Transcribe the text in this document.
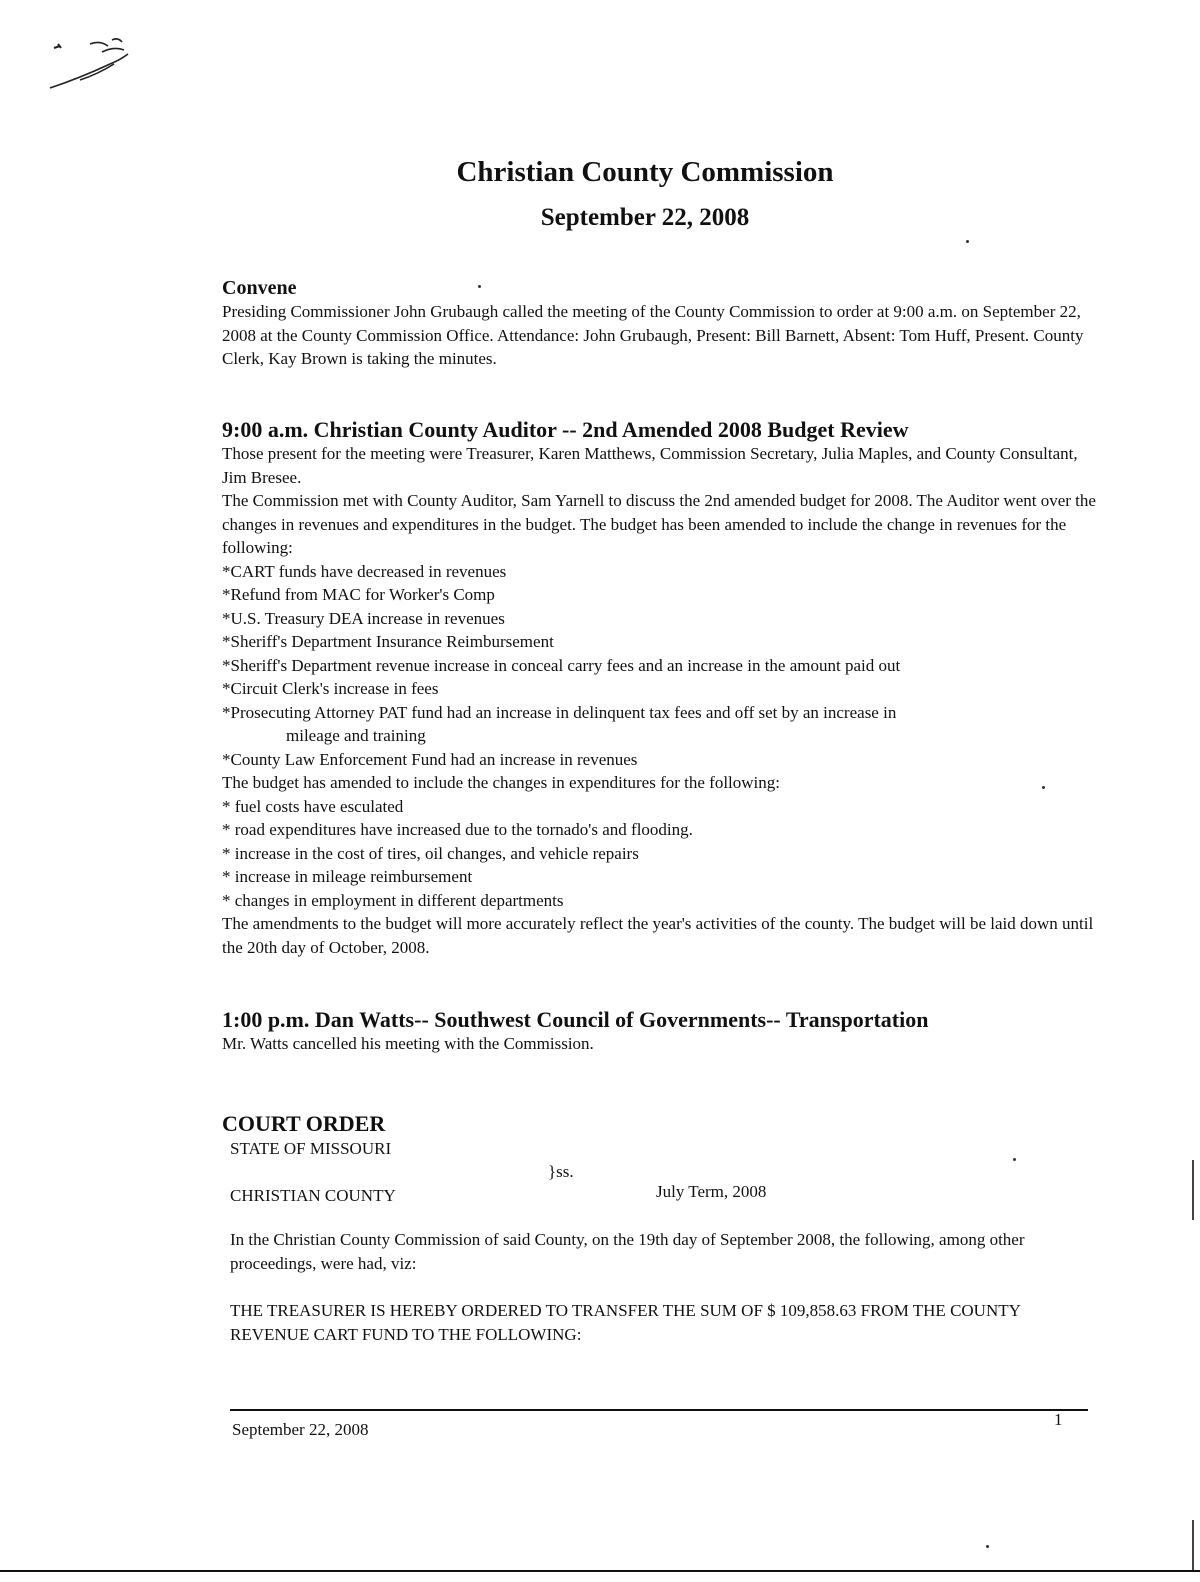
Christian County Commission
September 22, 2008

Convene

Presiding Commissioner John Grubaugh called the meeting of the County Commission to order at 9:00 a.m. on September 22, 2008 at the County Commission Office. Attendance: John Grubaugh, Present: Bill Barnett, Absent: Tom Huff, Present. County Clerk, Kay Brown is taking the minutes.

9:00 a.m. Christian County Auditor -- 2nd Amended 2008 Budget Review

Those present for the meeting were Treasurer, Karen Matthews, Commission Secretary, Julia Maples, and County Consultant, Jim Bresee.

The Commission met with County Auditor, Sam Yarnell to discuss the 2nd amended budget for 2008. The Auditor went over the changes in revenues and expenditures in the budget. The budget has been amended to include the change in revenues for the following:

*CART funds have decreased in revenues

*Refund from MAC for Worker's Comp

*U.S. Treasury DEA increase in revenues

*Sheriff's Department Insurance Reimbursement

*Sheriff's Department revenue increase in conceal carry fees and an increase in the amount paid out

*Circuit Clerk's increase in fees

*Prosecuting Attorney PAT fund had an increase in delinquent tax fees and off set by an increase in

mileage and training

*County Law Enforcement Fund had an increase in revenues

The budget has amended to include the changes in expenditures for the following:

* fuel costs have esculated

* road expenditures have increased due to the tornado's and flooding.

* increase in the cost of tires, oil changes, and vehicle repairs

* increase in mileage reimbursement

* changes in employment in different departments

The amendments to the budget will more accurately reflect the year's activities of the county. The budget will be laid down until the 20th day of October, 2008.

1:00 p.m. Dan Watts-- Southwest Council of Governments-- Transportation

Mr. Watts cancelled his meeting with the Commission.

COURT ORDER

STATE OF MISSOURI
}ss.
CHRISTIAN COUNTY	July Term, 2008

In the Christian County Commission of said County, on the 19th day of September 2008, the following, among other proceedings, were had, viz:

THE TREASURER IS HEREBY ORDERED TO TRANSFER THE SUM OF $ 109,858.63 FROM THE COUNTY REVENUE CART FUND TO THE FOLLOWING:

September 22, 2008
1
